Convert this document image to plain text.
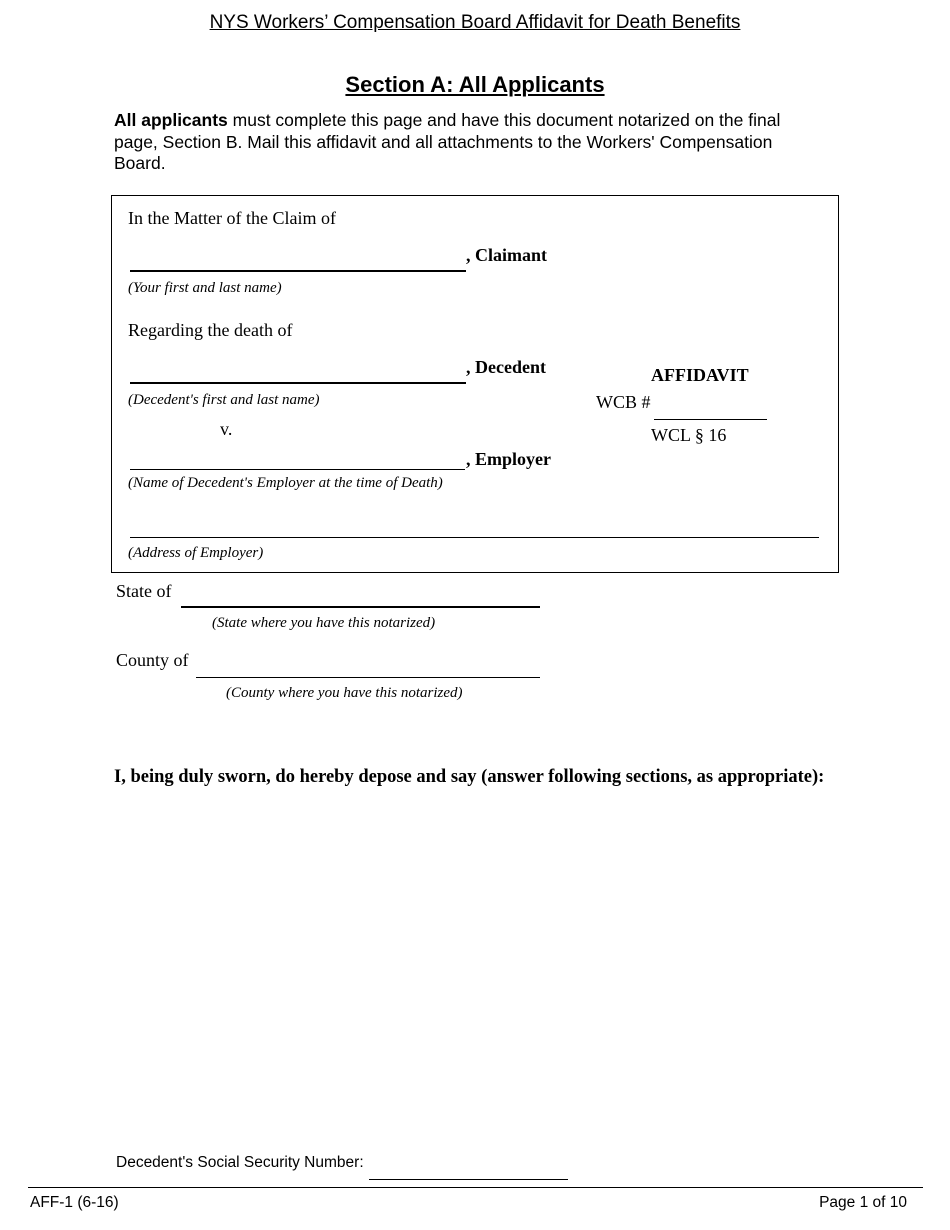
NYS Workers’ Compensation Board Affidavit for Death Benefits
Section A: All Applicants
All applicants must complete this page and have this document notarized on the final page, Section B. Mail this affidavit and all attachments to the Workers' Compensation Board.
In the Matter of the Claim of
, Claimant
(Your first and last name)
Regarding the death of
, Decedent
(Decedent's first and last name)
AFFIDAVIT
WCB #
WCL § 16
v.
, Employer
(Name of Decedent's Employer at the time of Death)
(Address of Employer)
State of
(State where you have this notarized)
County of
(County where you have this notarized)
I, being duly sworn, do hereby depose and say (answer following sections, as appropriate):
Decedent's Social Security Number:
AFF-1 (6-16)	Page 1 of 10
